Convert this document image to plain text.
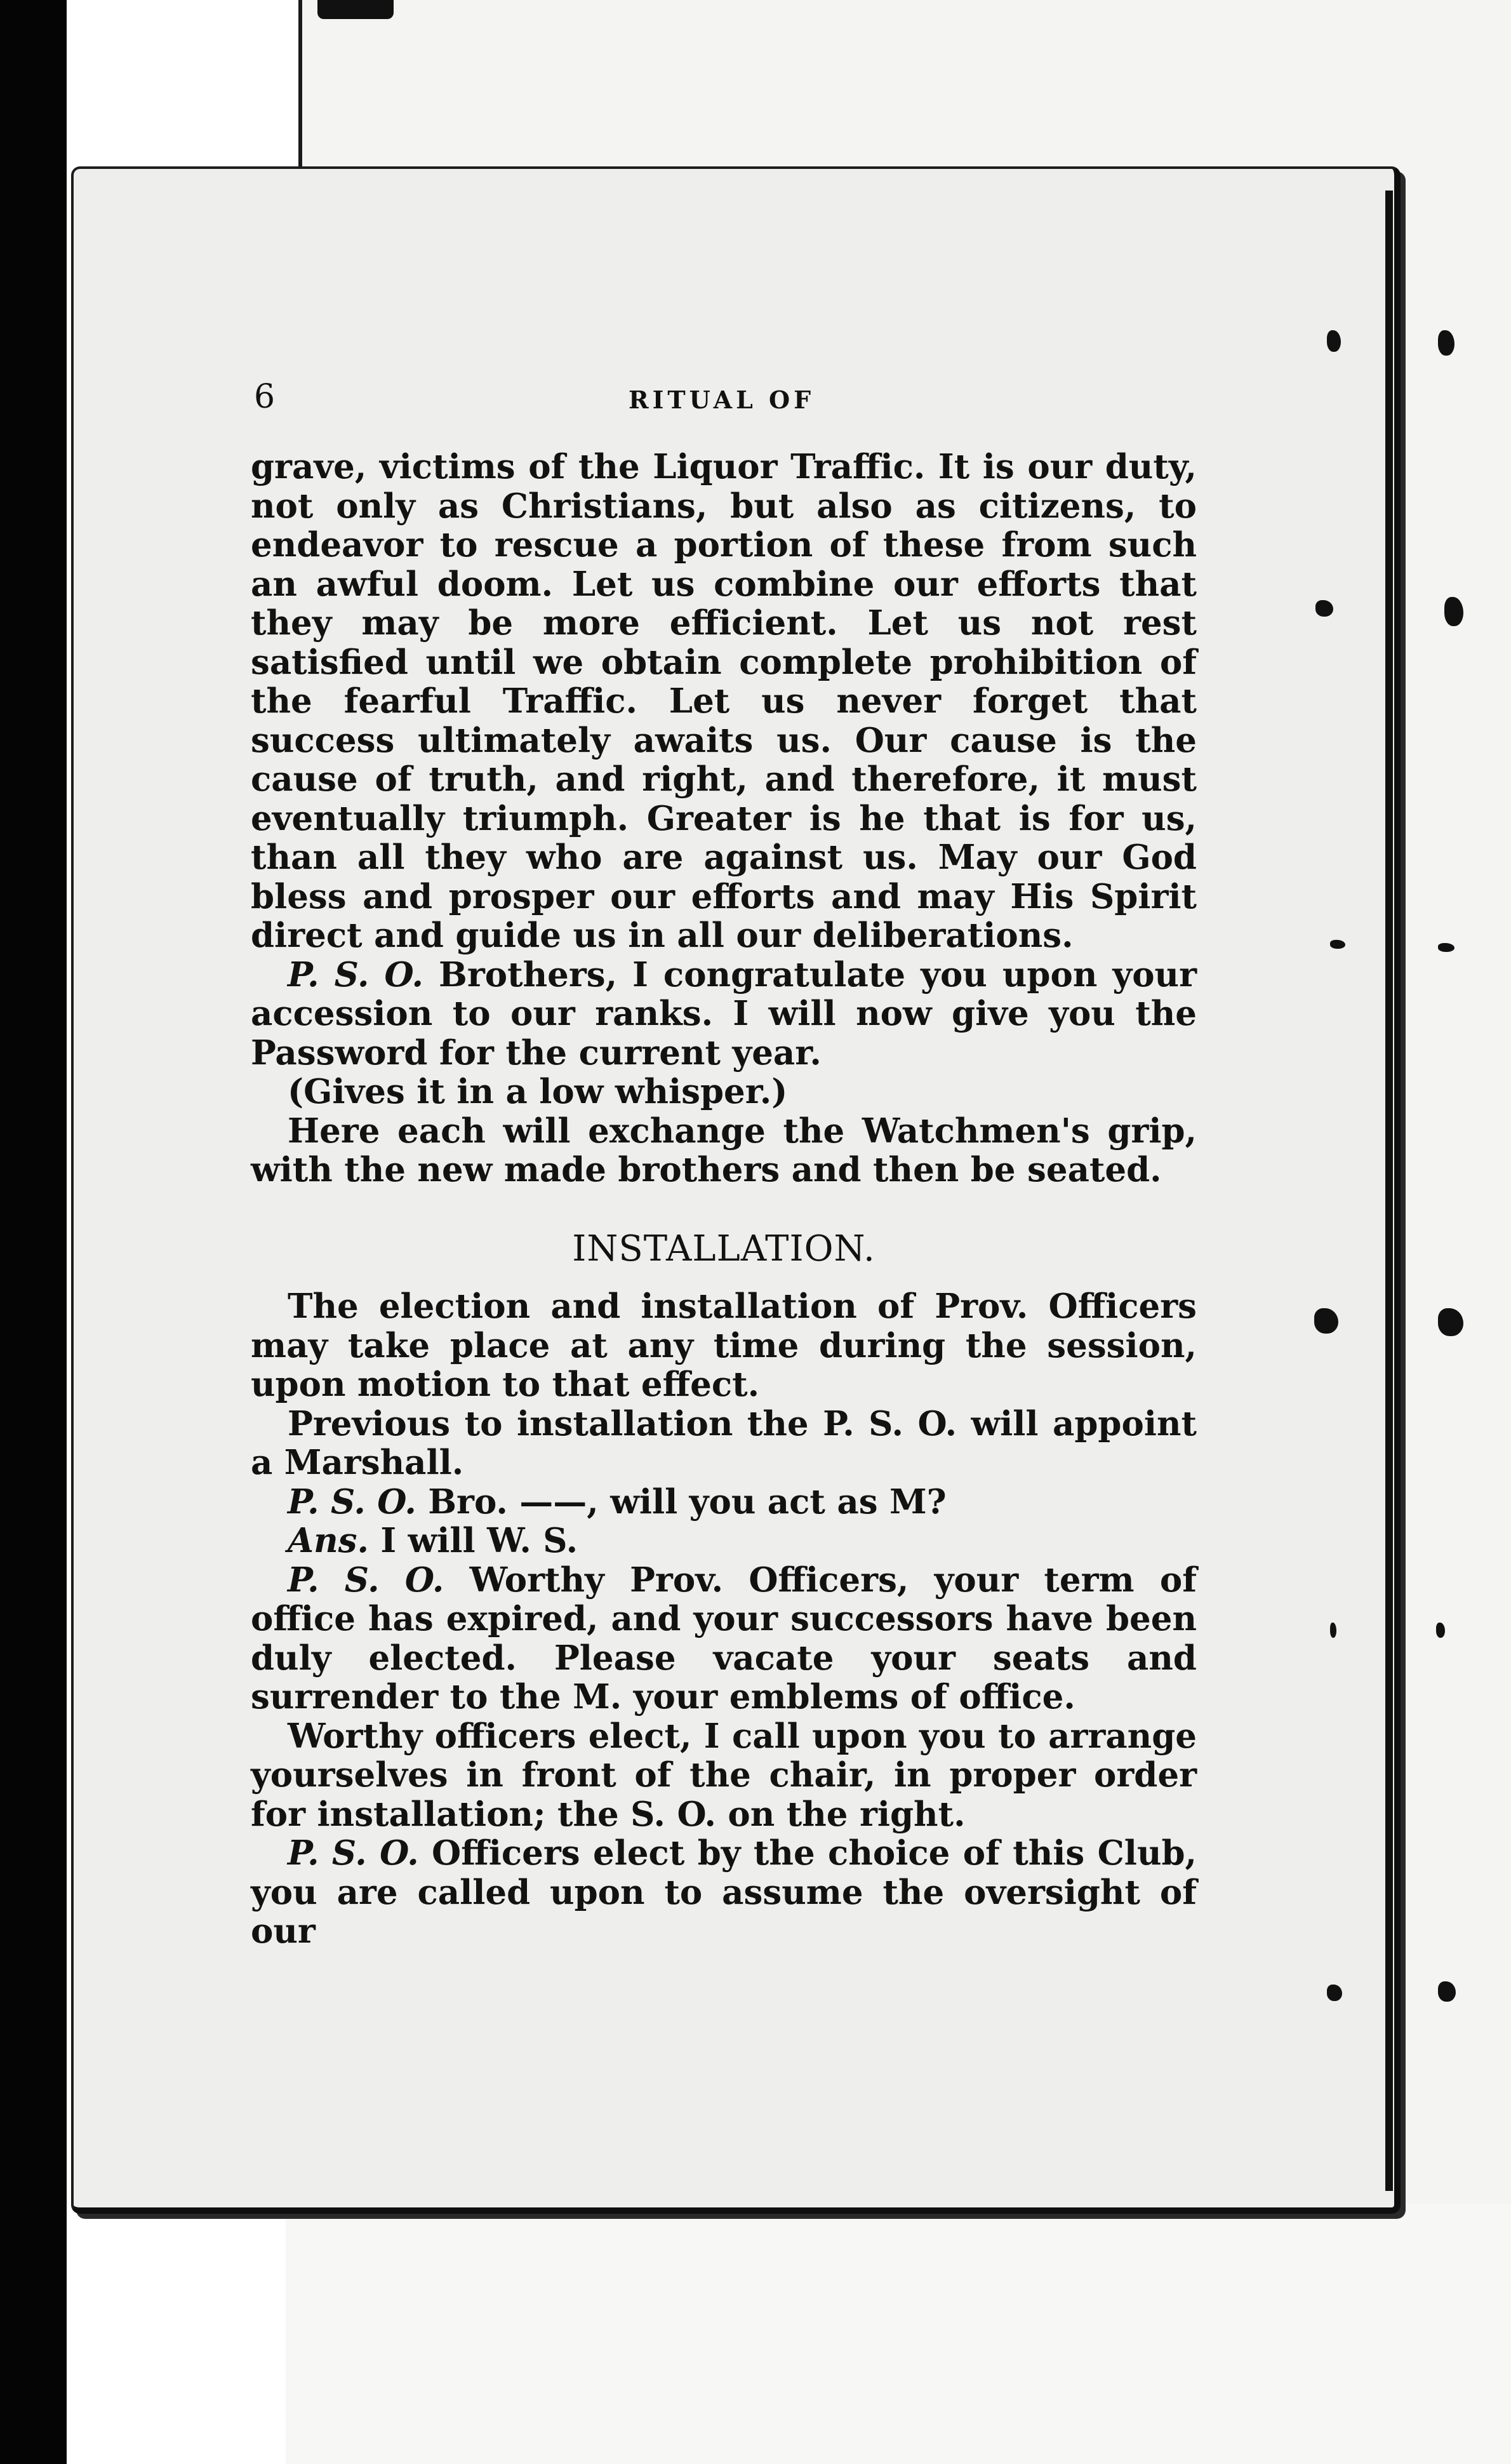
6	RITUAL OF

grave, victims of the Liquor Traffic. It is our duty, not only as Christians, but also as citizens, to endeavor to rescue a portion of these from such an awful doom. Let us combine our efforts that they may be more efficient. Let us not rest satisfied until we obtain complete prohibition of the fearful Traffic. Let us never forget that success ultimately awaits us. Our cause is the cause of truth, and right, and therefore, it must eventually triumph. Greater is he that is for us, than all they who are against us. May our God bless and prosper our efforts and may His Spirit direct and guide us in all our deliberations.

P. S. O. Brothers, I congratulate you upon your accession to our ranks. I will now give you the Password for the current year.

(Gives it in a low whisper.)

Here each will exchange the Watchmen's grip, with the new made brothers and then be seated.

INSTALLATION.

The election and installation of Prov. Officers may take place at any time during the session, upon motion to that effect.

Previous to installation the P. S. O. will appoint a Marshall.

P. S. O. Bro. ——, will you act as M?

Ans. I will W. S.

P. S. O. Worthy Prov. Officers, your term of office has expired, and your successors have been duly elected. Please vacate your seats and surrender to the M. your emblems of office.

Worthy officers elect, I call upon you to arrange yourselves in front of the chair, in proper order for installation; the S. O. on the right.

P. S. O. Officers elect by the choice of this Club, you are called upon to assume the oversight of our
